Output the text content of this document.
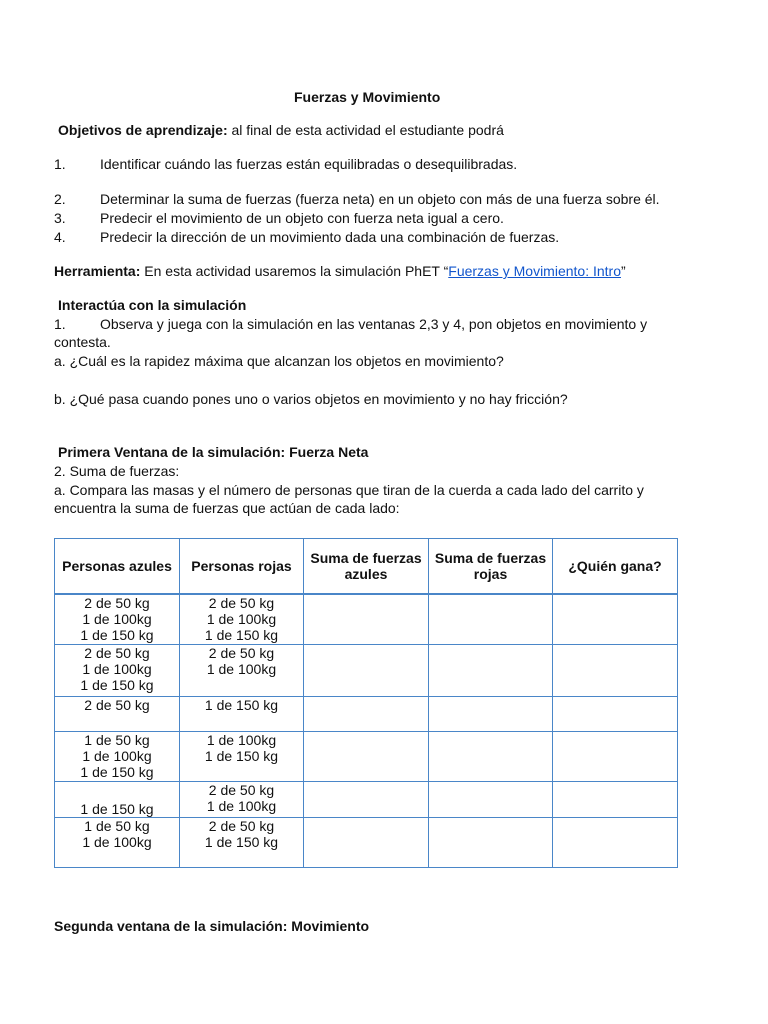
Fuerzas y Movimiento
Objetivos de aprendizaje: al final de esta actividad el estudiante podrá
1. Identificar cuándo las fuerzas están equilibradas o desequilibradas.
2. Determinar la suma de fuerzas (fuerza neta) en un objeto con más de una fuerza sobre él.
3. Predecir el movimiento de un objeto con fuerza neta igual a cero.
4. Predecir la dirección de un movimiento dada una combinación de fuerzas.
Herramienta: En esta actividad usaremos la simulación PhET “Fuerzas y Movimiento: Intro”
Interactúa con la simulación
1. Observa y juega con la simulación en las ventanas 2,3 y 4, pon objetos en movimiento y
contesta.
a. ¿Cuál es la rapidez máxima que alcanzan los objetos en movimiento?
b. ¿Qué pasa cuando pones uno o varios objetos en movimiento y no hay fricción?
Primera Ventana de la simulación: Fuerza Neta
2. Suma de fuerzas:
a. Compara las masas y el número de personas que tiran de la cuerda a cada lado del carrito y
encuentra la suma de fuerzas que actúan de cada lado:
Personas azules	Personas rojas	Suma de fuerzas azules	Suma de fuerzas rojas	¿Quién gana?

2 de 50 kg
1 de 100kg
1 de 150 kg	2 de 50 kg
1 de 100kg
1 de 150 kg			

2 de 50 kg
1 de 100kg
1 de 150 kg	2 de 50 kg
1 de 100kg			

2 de 50 kg	1 de 150 kg			

1 de 50 kg
1 de 100kg
1 de 150 kg	1 de 100kg
1 de 150 kg			

1 de 150 kg	2 de 50 kg
1 de 100kg			

1 de 50 kg
1 de 100kg	2 de 50 kg
1 de 150 kg			

Segunda ventana de la simulación: Movimiento
